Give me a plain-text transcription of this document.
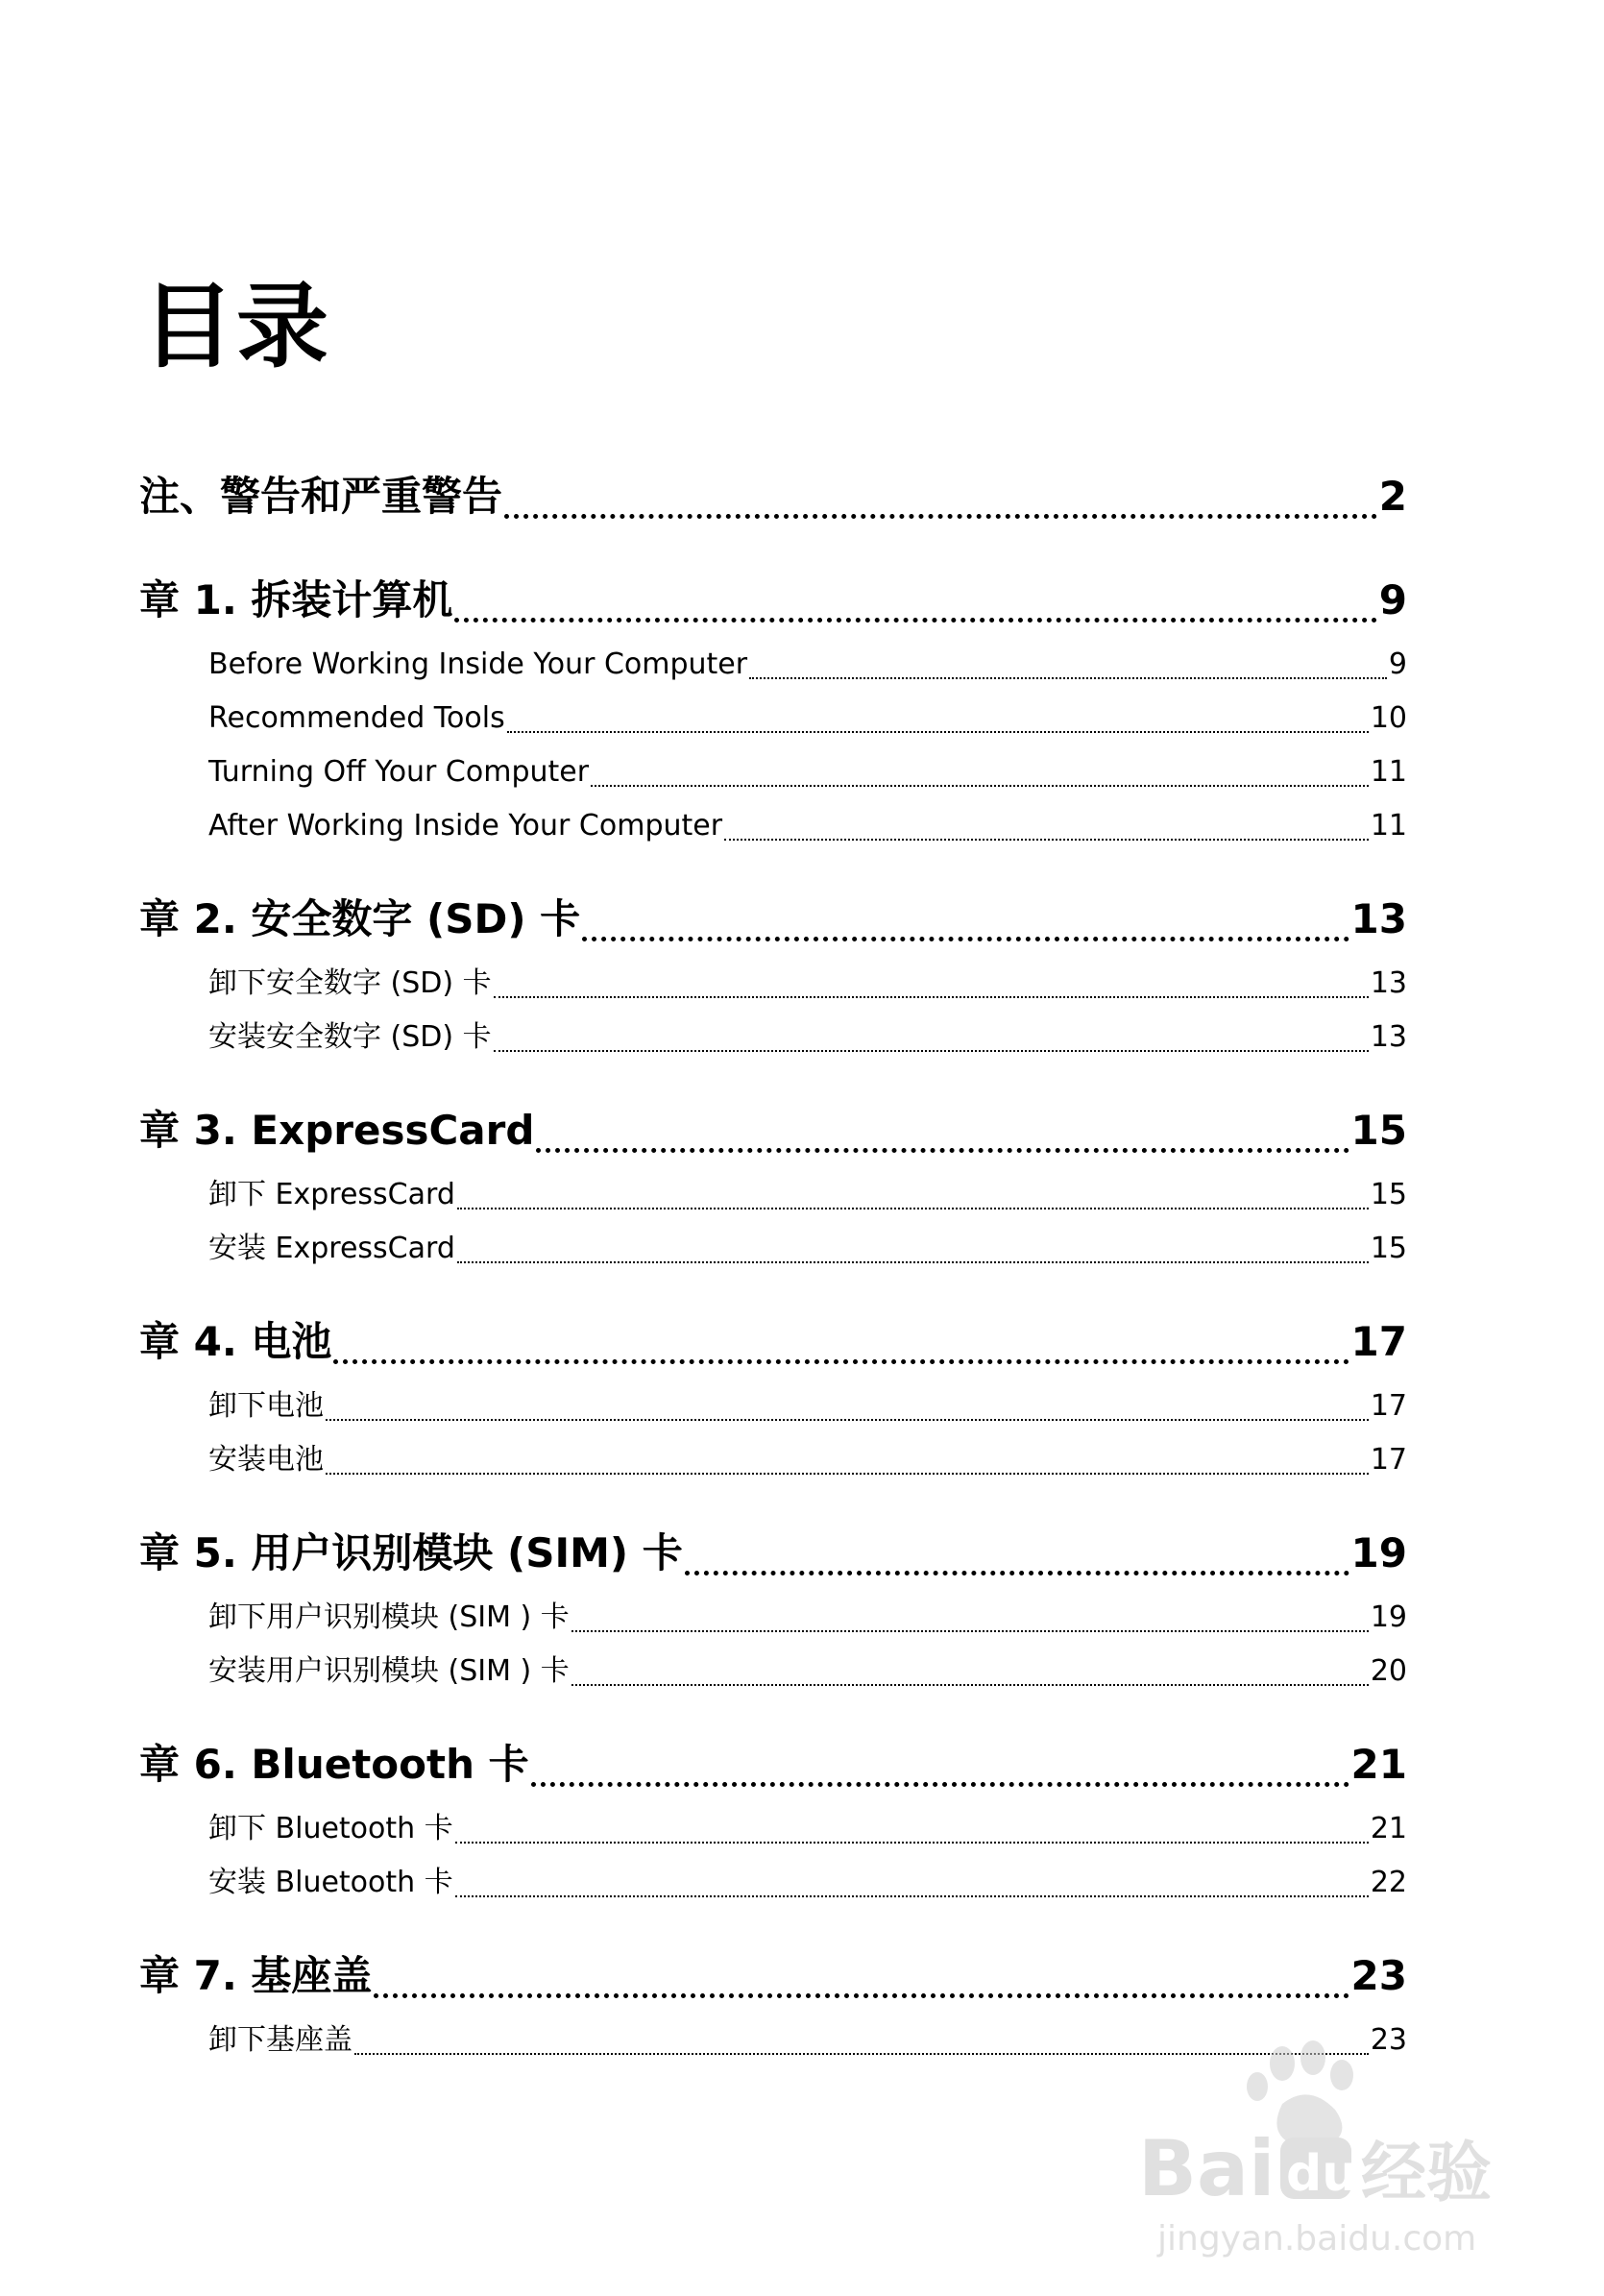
目录
注、警告和严重警告	2
章 1. 拆装计算机	9
Before Working Inside Your Computer	9
Recommended Tools	10
Turning Off Your Computer	11
After Working Inside Your Computer	11
章 2. 安全数字 (SD) 卡	13
卸下安全数字 (SD) 卡	13
安装安全数字 (SD) 卡	13
章 3. ExpressCard	15
卸下 ExpressCard	15
安装 ExpressCard	15
章 4. 电池	17
卸下电池	17
安装电池	17
章 5. 用户识别模块 (SIM) 卡	19
卸下用户识别模块 (SIM ) 卡	19
安装用户识别模块 (SIM ) 卡	20
章 6. Bluetooth 卡	21
卸下 Bluetooth 卡	21
安装 Bluetooth 卡	22
章 7. 基座盖	23
卸下基座盖	23
Bai du 经验
jingyan.baidu.com
